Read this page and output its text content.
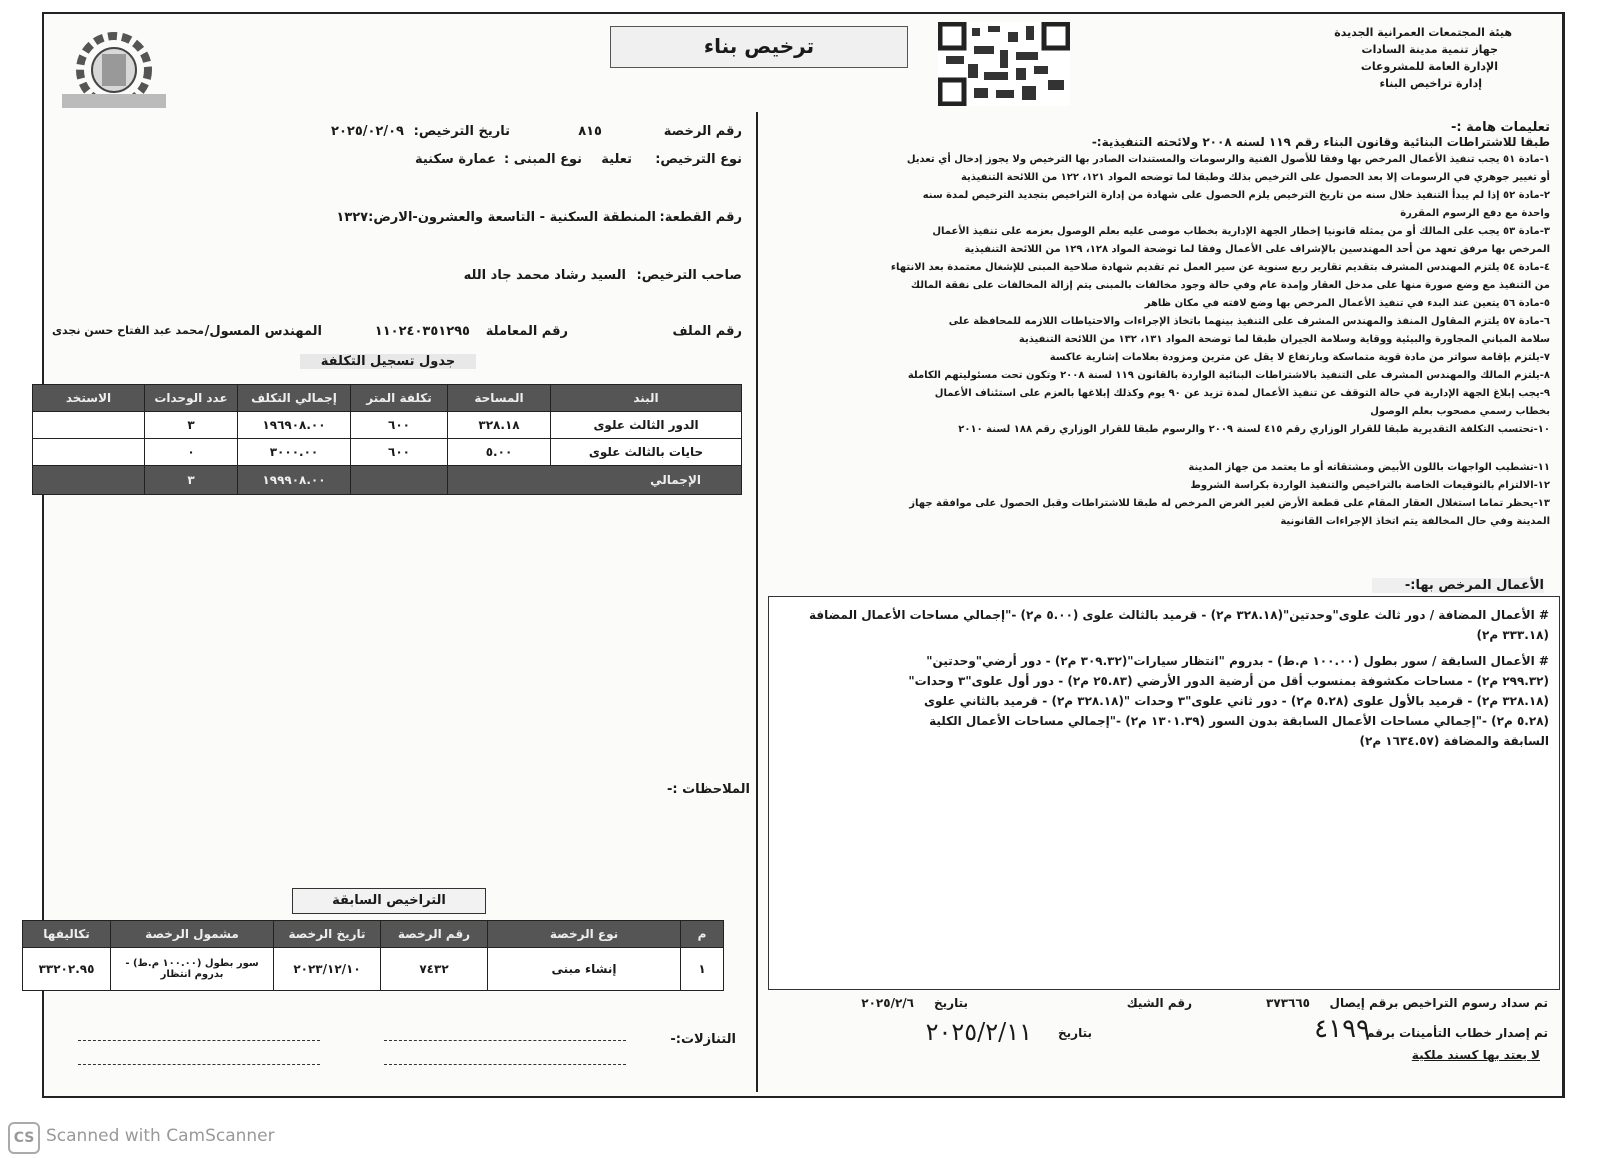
ترخيص بناء
هيئة المجتمعات العمرانية الجديدة
جهاز تنمية مدينة السادات
الإدارة العامة للمشروعات
إدارة تراخيص البناء
رقم الرخصة
٨١٥
تاريخ الترخيص:
٢٠٢٥/٠٢/٠٩
نوع الترخيص:
تعلية
نوع المبنى :
عمارة سكنية
رقم القطعة:
المنطقة السكنية - التاسعة والعشرون-الارض:١٣٢٧
صاحب الترخيص:
السيد رشاد محمد جاد الله
رقم الملف
رقم المعاملة
١١٠٢٤٠٣٥١٢٩٥
المهندس المسول/
محمد عبد الفتاح حسن نجدى
جدول تسجيل التكلفة
البند	المساحة	تكلفة المتر	إجمالي التكلف	عدد الوحدات	الاستخد
الدور الثالث علوى	٣٢٨.١٨	٦٠٠	١٩٦٩٠٨.٠٠	٣	
حايات بالثالث علوى	٥.٠٠	٦٠٠	٣٠٠٠.٠٠	٠	
الإجمالي			١٩٩٩٠٨.٠٠	٣	
الملاحظات :-
التراخيص السابقة
م	نوع الرخصة	رقم الرخصة	تاريخ الرخصة	مشمول الرخصة	تكاليفها
١	إنشاء مبنى	٧٤٣٢	٢٠٢٣/١٢/١٠	سور بطول (١٠٠.٠٠ م.ط) - بدروم انتظار	٣٣٢٠٢.٩٥
التنازلات:-
تعليمات هامة :-
طبقا للاشتراطات البنائية وقانون البناء رقم ١١٩ لسنه ٢٠٠٨ ولائحته التنفيذية:-
١-مادة ٥١ يجب تنفيذ الأعمال المرخص بها وفقا للأصول الفنية والرسومات والمستندات الصادر بها الترخيص ولا يجوز إدخال أي تعديل
أو تغيير جوهري في الرسومات إلا بعد الحصول على الترخيص بذلك وطبقا لما توضحه المواد ١٢١، ١٢٢ من اللائحة التنفيذية
٢-مادة ٥٢ إذا لم يبدأ التنفيذ خلال سنه من تاريخ الترخيص يلزم الحصول على شهادة من إدارة التراخيص بتجديد الترخيص لمدة سنه
واحدة مع دفع الرسوم المقررة
٣-مادة ٥٣ يجب على المالك أو من يمثله قانونيا إخطار الجهة الإدارية بخطاب موصى عليه بعلم الوصول بعزمه على تنفيذ الأعمال
المرخص بها مرفق تعهد من أحد المهندسين بالإشراف على الأعمال وفقا لما توضحة المواد ١٢٨، ١٢٩ من اللائحة التنفيذية
٤-مادة ٥٤ يلتزم المهندس المشرف بتقديم تقارير ربع سنوية عن سير العمل ثم تقديم شهادة صلاحية المبنى للإشغال معتمدة بعد الانتهاء
من التنفيذ مع وضع صورة منها على مدخل العقار وإمدة عام وفي حالة وجود مخالفات بالمبنى يتم إزالة المخالفات على نفقة المالك
٥-مادة ٥٦ يتعين عند البدء في تنفيذ الأعمال المرخص بها وضع لافته في مكان ظاهر
٦-مادة ٥٧ يلتزم المقاول المنفذ والمهندس المشرف على التنفيذ بينهما باتخاذ الإجراءات والاحتياطات اللازمه للمحافظة على
سلامة المباني المجاورة والبيئية ووقاية وسلامة الجيران طبقا لما توضحة المواد ١٣١، ١٣٢ من اللائحة التنفيذية
٧-يلتزم بإقامة سواتر من مادة قوية متماسكة وبارتفاع لا يقل عن مترين ومزودة بعلامات إشارية عاكسة
٨-يلتزم المالك والمهندس المشرف على التنفيذ بالاشتراطات البنائية الواردة بالقانون ١١٩ لسنة ٢٠٠٨ وتكون تحت مسئوليتهم الكاملة
٩-يجب إبلاغ الجهة الإدارية في حالة التوقف عن تنفيذ الأعمال لمدة تزيد عن ٩٠ يوم وكذلك إبلاغها بالعزم على استئناف الأعمال
بخطاب رسمي مصحوب بعلم الوصول
١٠-تحتسب التكلفة التقديرية طبقا للقرار الوزاري رقم ٤١٥ لسنة ٢٠٠٩ والرسوم طبقا للقرار الوزاري رقم ١٨٨ لسنة ٢٠١٠
١١-تشطيب الواجهات باللون الأبيض ومشتقاته أو ما يعتمد من جهاز المدينة
١٢-الالتزام بالتوقيعات الخاصة بالتراخيص والتنفيذ الواردة بكراسة الشروط
١٣-يحظر تماما استغلال العقار المقام على قطعة الأرض لغير الغرض المرخص له طبقا للاشتراطات وقبل الحصول على موافقة جهاز
المدينة وفي حال المخالفة يتم اتخاذ الإجراءات القانونية
الأعمال المرخص بها:-
# الأعمال المضافة / دور ثالث علوى"وحدتين"(٣٢٨.١٨ م٢) - قرميد بالثالث علوى (٥.٠٠ م٢) -"إجمالي مساحات الأعمال المضافة (٣٣٣.١٨ م٢)
# الأعمال السابقة / سور بطول (١٠٠.٠٠ م.ط) - بدروم "انتظار سيارات"(٣٠٩.٣٢ م٢) - دور أرضي"وحدتين"(٢٩٩.٣٢ م٢) - مساحات مكشوفة بمنسوب أقل من أرضية الدور الأرضي (٢٥.٨٣ م٢) - دور أول علوى"٣ وحدات"(٣٢٨.١٨ م٢) - قرميد بالأول علوى (٥.٢٨ م٢) - دور ثاني علوى"٣ وحدات "(٣٢٨.١٨ م٢) - قرميد بالثاني علوى (٥.٢٨ م٢) -"إجمالي مساحات الأعمال السابقة بدون السور (١٣٠١.٣٩ م٢) -"إجمالي مساحات الأعمال الكلية السابقة والمضافة (١٦٣٤.٥٧ م٢)
تم سداد رسوم التراخيص برقم إيصال
٣٧٣٦٦٥
رقم الشيك
بتاريخ
٢٠٢٥/٢/٦
تم إصدار خطاب التأمينات برقم
٤١٩٩
بتاريخ
٢٠٢٥/٢/١١
لا يعتد بها كسند ملكية
CS Scanned with CamScanner
